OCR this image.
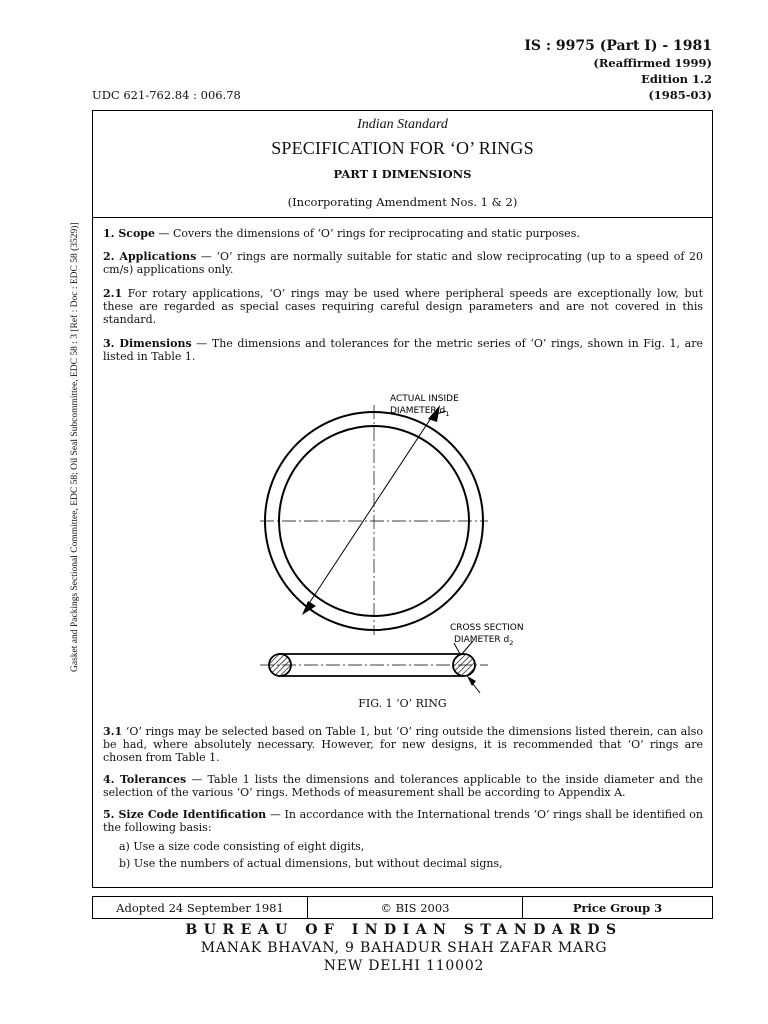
IS : 9975 (Part I) - 1981
(Reaffirmed 1999)
Edition 1.2
(1985-03)
UDC 621-762.84 : 006.78
Gasket and Packings Sectional Committee, EDC 58; Oil Seal Subcommittee, EDC 58 : 3 [Ref : Doc : EDC 58 (3529)]
Indian Standard
SPECIFICATION FOR ‘O’ RINGS
PART I DIMENSIONS
(Incorporating Amendment Nos. 1 & 2)
1. Scope — Covers the dimensions of ‘O’ rings for reciprocating and static purposes.
2. Applications — ‘O’ rings are normally suitable for static and slow reciprocating (up to a speed of 20 cm/s) applications only.
2.1 For rotary applications, ‘O’ rings may be used where peripheral speeds are exceptionally low, but these are regarded as special cases requiring careful design parameters and are not covered in this standard.
3. Dimensions — The dimensions and tolerances for the metric series of ‘O’ rings, shown in Fig. 1, are listed in Table 1.
ACTUAL INSIDE
DIAMETER $d_1$
CROSS SECTION
DIAMETER $d_2$
FIG. 1 ‘O’ RING
3.1 ‘O’ rings may be selected based on Table 1, but ‘O’ ring outside the dimensions listed therein, can also be had, where absolutely necessary. However, for new designs, it is recommended that ‘O’ rings are chosen from Table 1.
4. Tolerances — Table 1 lists the dimensions and tolerances applicable to the inside diameter and the selection of the various ‘O’ rings. Methods of measurement shall be according to Appendix A.
5. Size Code Identification — In accordance with the International trends ‘O’ rings shall be identified on the following basis:
a) Use a size code consisting of eight digits,
b) Use the numbers of actual dimensions, but without decimal signs,
Adopted 24 September 1981	© BIS 2003	Price Group 3
BUREAU OF INDIAN STANDARDS
MANAK BHAVAN, 9 BAHADUR SHAH ZAFAR MARG
NEW DELHI 110002
